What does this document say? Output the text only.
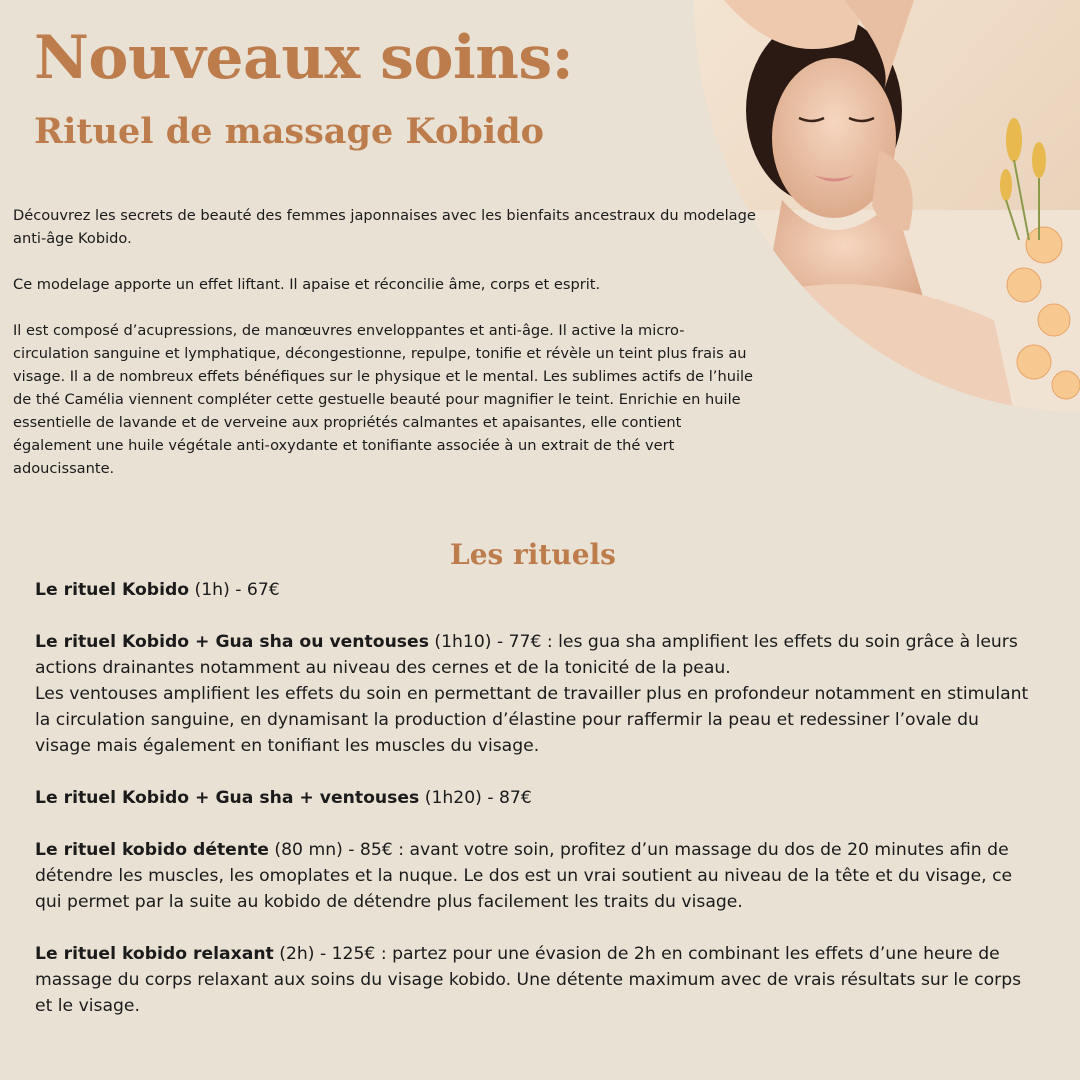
Nouveaux soins:
Rituel de massage Kobido

Découvrez les secrets de beauté des femmes japonnaises avec les bienfaits ancestraux du modelage anti-âge Kobido.

Ce modelage apporte un effet liftant. Il apaise et réconcilie âme, corps et esprit.

Il est composé d’acupressions, de manœuvres enveloppantes et anti-âge. Il active la micro-circulation sanguine et lymphatique, décongestionne, repulpe, tonifie et révèle un teint plus frais au visage. Il a de nombreux effets bénéfiques sur le physique et le mental. Les sublimes actifs de l’huile de thé Camélia viennent compléter cette gestuelle beauté pour magnifier le teint. Enrichie en huile essentielle de lavande et de verveine aux propriétés calmantes et apaisantes, elle contient également une huile végétale anti-oxydante et tonifiante associée à un extrait de thé vert adoucissante.

Les rituels
Le rituel Kobido (1h) - 67€
Le rituel Kobido + Gua sha ou ventouses (1h10) - 77€ : les gua sha amplifient les effets du soin grâce à leurs actions drainantes notamment au niveau des cernes et de la tonicité de la peau.

Les ventouses amplifient les effets du soin en permettant de travailler plus en profondeur notamment en stimulant la circulation sanguine, en dynamisant la production d’élastine pour raffermir la peau et redessiner l’ovale du visage mais également en tonifiant les muscles du visage.

Le rituel Kobido + Gua sha + ventouses (1h20) - 87€
Le rituel kobido détente (80 mn) - 85€ : avant votre soin, profitez d’un massage du dos de 20 minutes afin de détendre les muscles, les omoplates et la nuque. Le dos est un vrai soutient au niveau de la tête et du visage, ce qui permet par la suite au kobido de détendre plus facilement les traits du visage.
Le rituel kobido relaxant (2h) - 125€ : partez pour une évasion de 2h en combinant les effets d’une heure de massage du corps relaxant aux soins du visage kobido. Une détente maximum avec de vrais résultats sur le corps et le visage.
